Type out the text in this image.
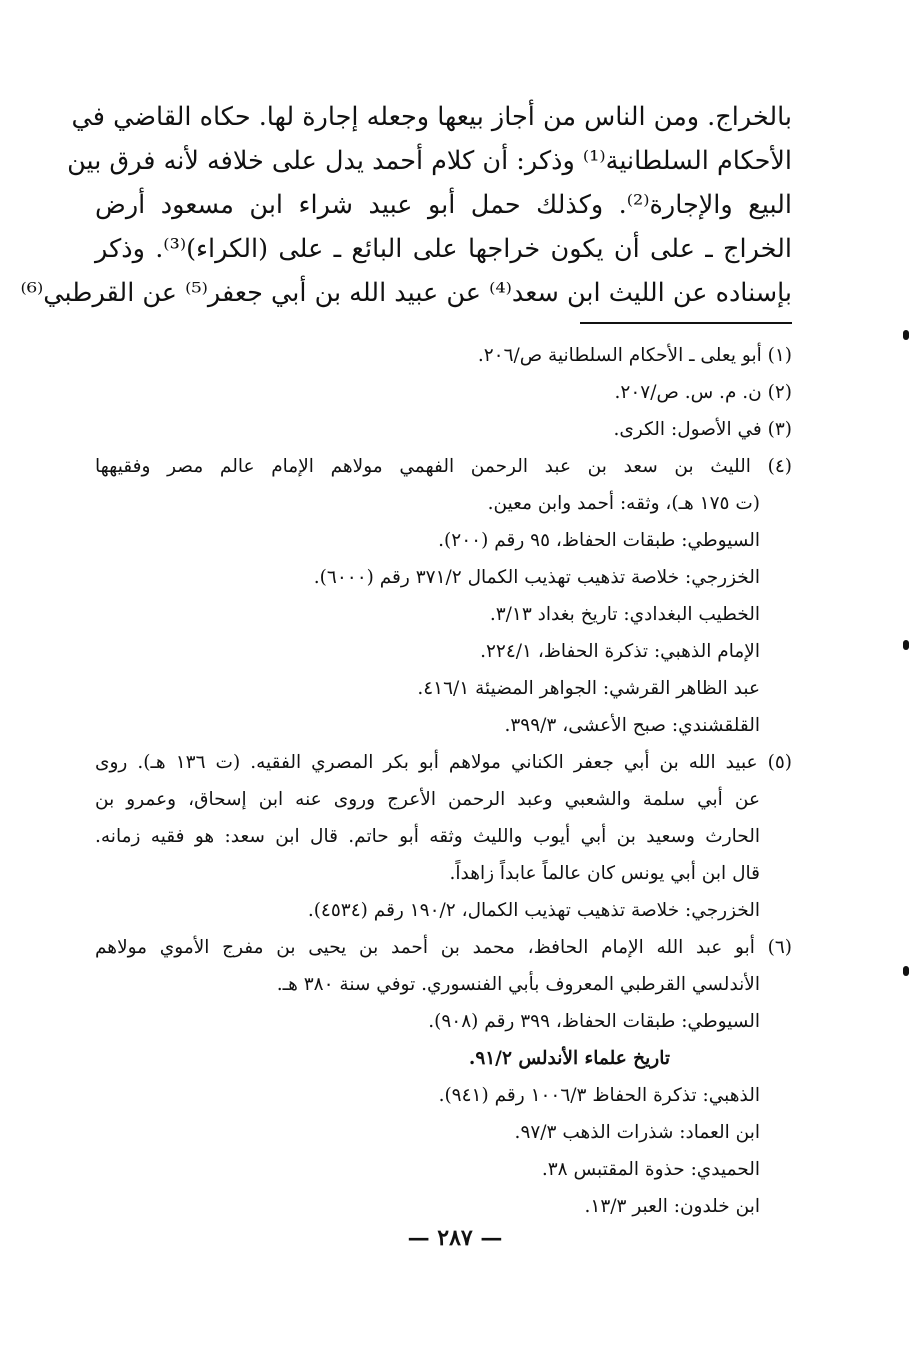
بالخراج. ومن الناس من أجاز بيعها وجعله إجارة لها. حكاه القاضي في
الأحكام السلطانية⁽¹⁾ وذكر: أن كلام أحمد يدل على خلافه لأنه فرق بين
البيع والإجارة⁽²⁾. وكذلك حمل أبو عبيد شراء ابن مسعود أرض
الخراج ـ على أن يكون خراجها على البائع ـ على (الكراء)⁽³⁾. وذكر
بإسناده عن الليث ابن سعد⁽⁴⁾ عن عبيد الله بن أبي جعفر⁽⁵⁾ عن القرطبي⁽⁶⁾
(١) أبو يعلى ـ الأحكام السلطانية ص/٢٠٦.
(٢) ن. م. س. ص/٢٠٧.
(٣) في الأصول: الكرى.
(٤) الليث بن سعد بن عبد الرحمن الفهمي مولاهم الإمام عالم مصر وفقيهها
(ت ١٧٥ هـ)، وثقه: أحمد وابن معين.
السيوطي: طبقات الحفاظ، ٩٥ رقم (٢٠٠).
الخزرجي: خلاصة تذهيب تهذيب الكمال ٣٧١/٢ رقم (٦٠٠٠).
الخطيب البغدادي: تاريخ بغداد ٣/١٣.
الإمام الذهبي: تذكرة الحفاظ، ٢٢٤/١.
عبد الظاهر القرشي: الجواهر المضيئة ٤١٦/١.
القلقشندي: صبح الأعشى، ٣٩٩/٣.
(٥) عبيد الله بن أبي جعفر الكناني مولاهم أبو بكر المصري الفقيه. (ت ١٣٦ هـ). روى
عن أبي سلمة والشعبي وعبد الرحمن الأعرج وروى عنه ابن إسحاق، وعمرو بن
الحارث وسعيد بن أبي أيوب والليث وثقه أبو حاتم. قال ابن سعد: هو فقيه زمانه.
قال ابن أبي يونس كان عالماً عابداً زاهداً.
الخزرجي: خلاصة تذهيب تهذيب الكمال، ١٩٠/٢ رقم (٤٥٣٤).
(٦) أبو عبد الله الإمام الحافظ، محمد بن أحمد بن يحيى بن مفرج الأموي مولاهم
الأندلسي القرطبي المعروف بأبي الفنسوري. توفي سنة ٣٨٠ هـ.
السيوطي: طبقات الحفاظ، ٣٩٩ رقم (٩٠٨).
تاريخ علماء الأندلس ٩١/٢.
الذهبي: تذكرة الحفاظ ١٠٠٦/٣ رقم (٩٤١).
ابن العماد: شذرات الذهب ٩٧/٣.
الحميدي: حذوة المقتبس ٣٨.
ابن خلدون: العبر ١٣/٣.
— ٢٨٧ —
